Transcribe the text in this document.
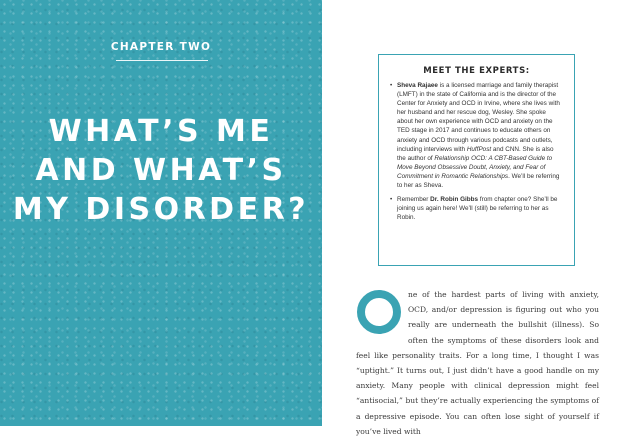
CHAPTER TWO
WHAT’S ME
AND WHAT’S
MY DISORDER?
MEET THE EXPERTS:
• Sheva Rajaee is a licensed marriage and family therapist (LMFT) in the state of California and is the director of the Center for Anxiety and OCD in Irvine, where she lives with her husband and her rescue dog, Wesley. She spoke about her own experience with OCD and anxiety on the TED stage in 2017 and continues to educate others on anxiety and OCD through various podcasts and outlets, including interviews with HuffPost and CNN. She is also the author of Relationship OCD: A CBT-Based Guide to Move Beyond Obsessive Doubt, Anxiety, and Fear of Commitment in Romantic Relationships. We’ll be referring to her as Sheva.
• Remember Dr. Robin Gibbs from chapter one? She’ll be joining us again here! We’ll (still) be referring to her as Robin.

ne of the hardest parts of living with anxiety, OCD, and/or depression is figuring out who you really are underneath the bullshit (illness). So often the symptoms of these disorders look and feel like personality traits. For a long time, I thought I was “uptight.” It turns out, I just didn’t have a good handle on my anxiety. Many people with clinical depression might feel “antisocial,” but they’re actually experiencing the symptoms of a depressive episode. You can often lose sight of yourself if you’ve lived with
